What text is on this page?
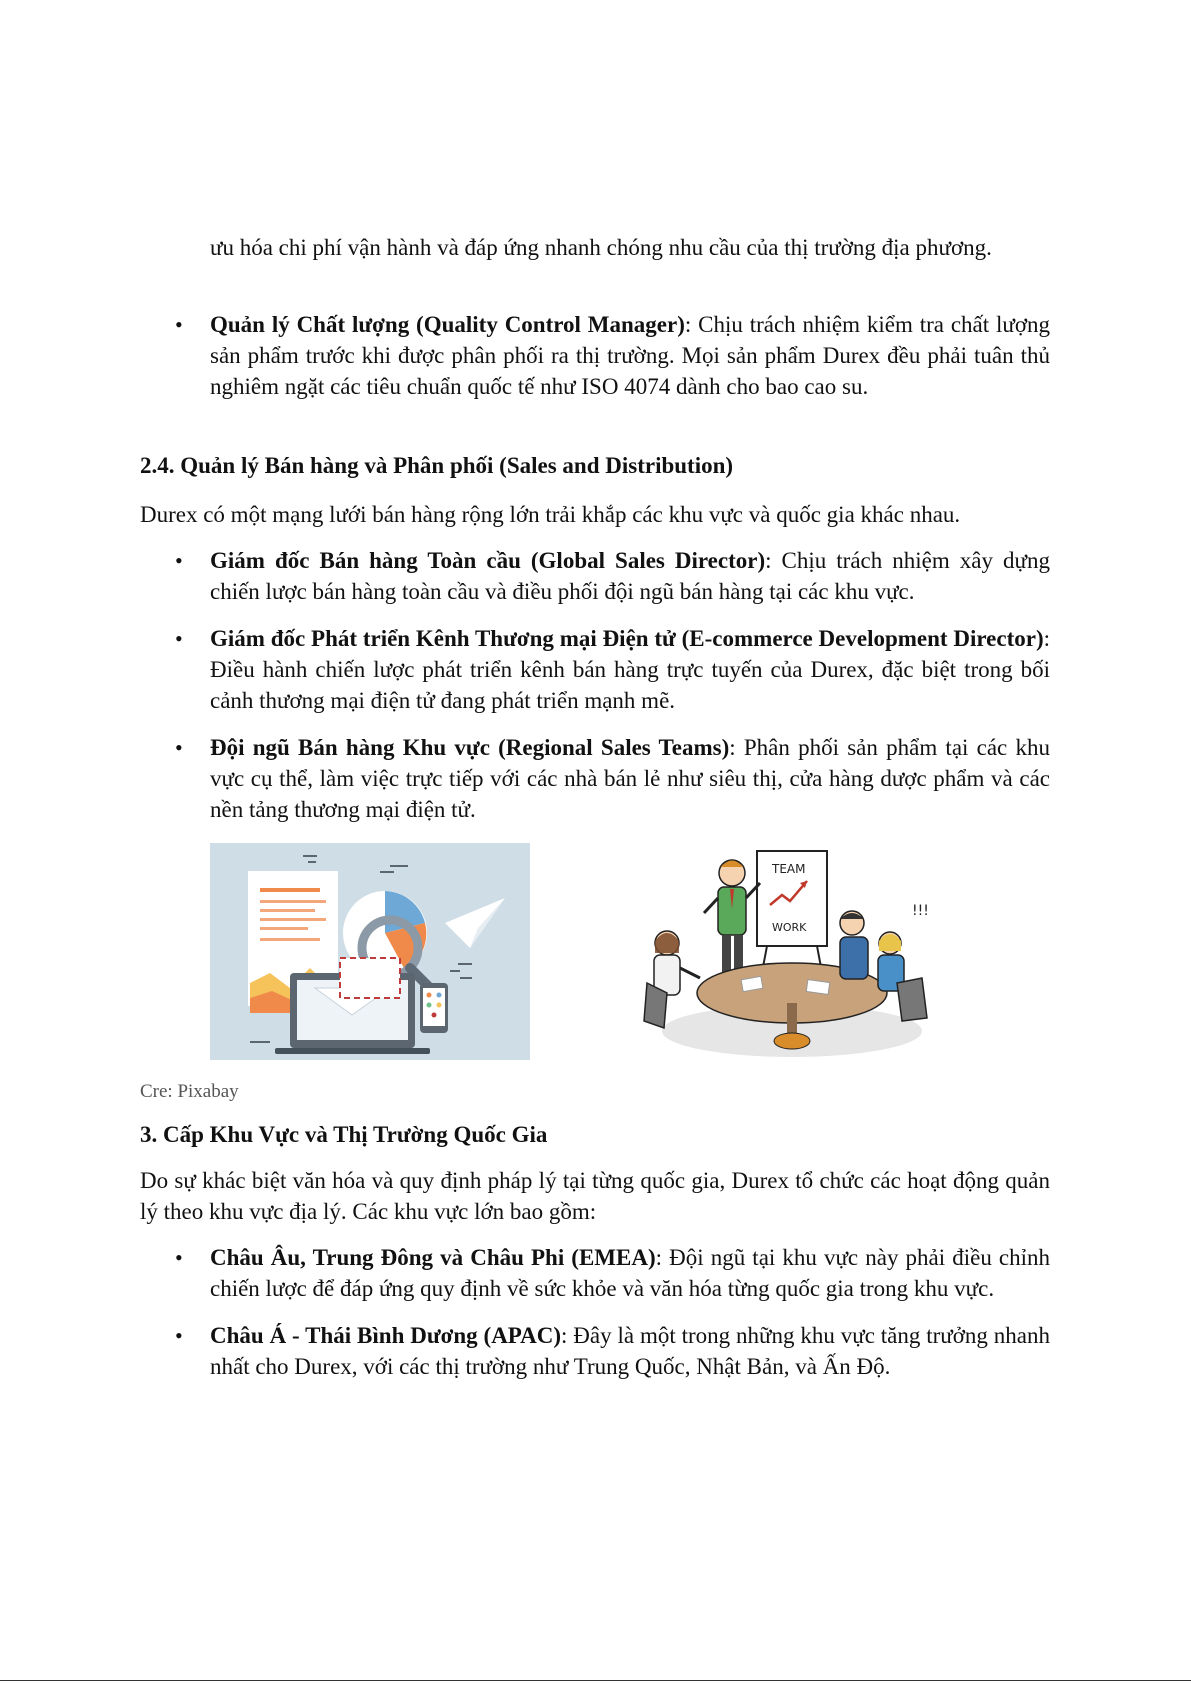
ưu hóa chi phí vận hành và đáp ứng nhanh chóng nhu cầu của thị trường địa phương.

• Quản lý Chất lượng (Quality Control Manager): Chịu trách nhiệm kiểm tra chất lượng sản phẩm trước khi được phân phối ra thị trường. Mọi sản phẩm Durex đều phải tuân thủ nghiêm ngặt các tiêu chuẩn quốc tế như ISO 4074 dành cho bao cao su.
2.4. Quản lý Bán hàng và Phân phối (Sales and Distribution)

Durex có một mạng lưới bán hàng rộng lớn trải khắp các khu vực và quốc gia khác nhau.

• Giám đốc Bán hàng Toàn cầu (Global Sales Director): Chịu trách nhiệm xây dựng chiến lược bán hàng toàn cầu và điều phối đội ngũ bán hàng tại các khu vực.
• Giám đốc Phát triển Kênh Thương mại Điện tử (E-commerce Development Director): Điều hành chiến lược phát triển kênh bán hàng trực tuyến của Durex, đặc biệt trong bối cảnh thương mại điện tử đang phát triển mạnh mẽ.
• Đội ngũ Bán hàng Khu vực (Regional Sales Teams): Phân phối sản phẩm tại các khu vực cụ thể, làm việc trực tiếp với các nhà bán lẻ như siêu thị, cửa hàng dược phẩm và các nền tảng thương mại điện tử.
TEAM
WORK
!!!

Cre: Pixabay

3. Cấp Khu Vực và Thị Trường Quốc Gia

Do sự khác biệt văn hóa và quy định pháp lý tại từng quốc gia, Durex tổ chức các hoạt động quản lý theo khu vực địa lý. Các khu vực lớn bao gồm:

• Châu Âu, Trung Đông và Châu Phi (EMEA): Đội ngũ tại khu vực này phải điều chỉnh chiến lược để đáp ứng quy định về sức khỏe và văn hóa từng quốc gia trong khu vực.
• Châu Á - Thái Bình Dương (APAC): Đây là một trong những khu vực tăng trưởng nhanh nhất cho Durex, với các thị trường như Trung Quốc, Nhật Bản, và Ấn Độ.
